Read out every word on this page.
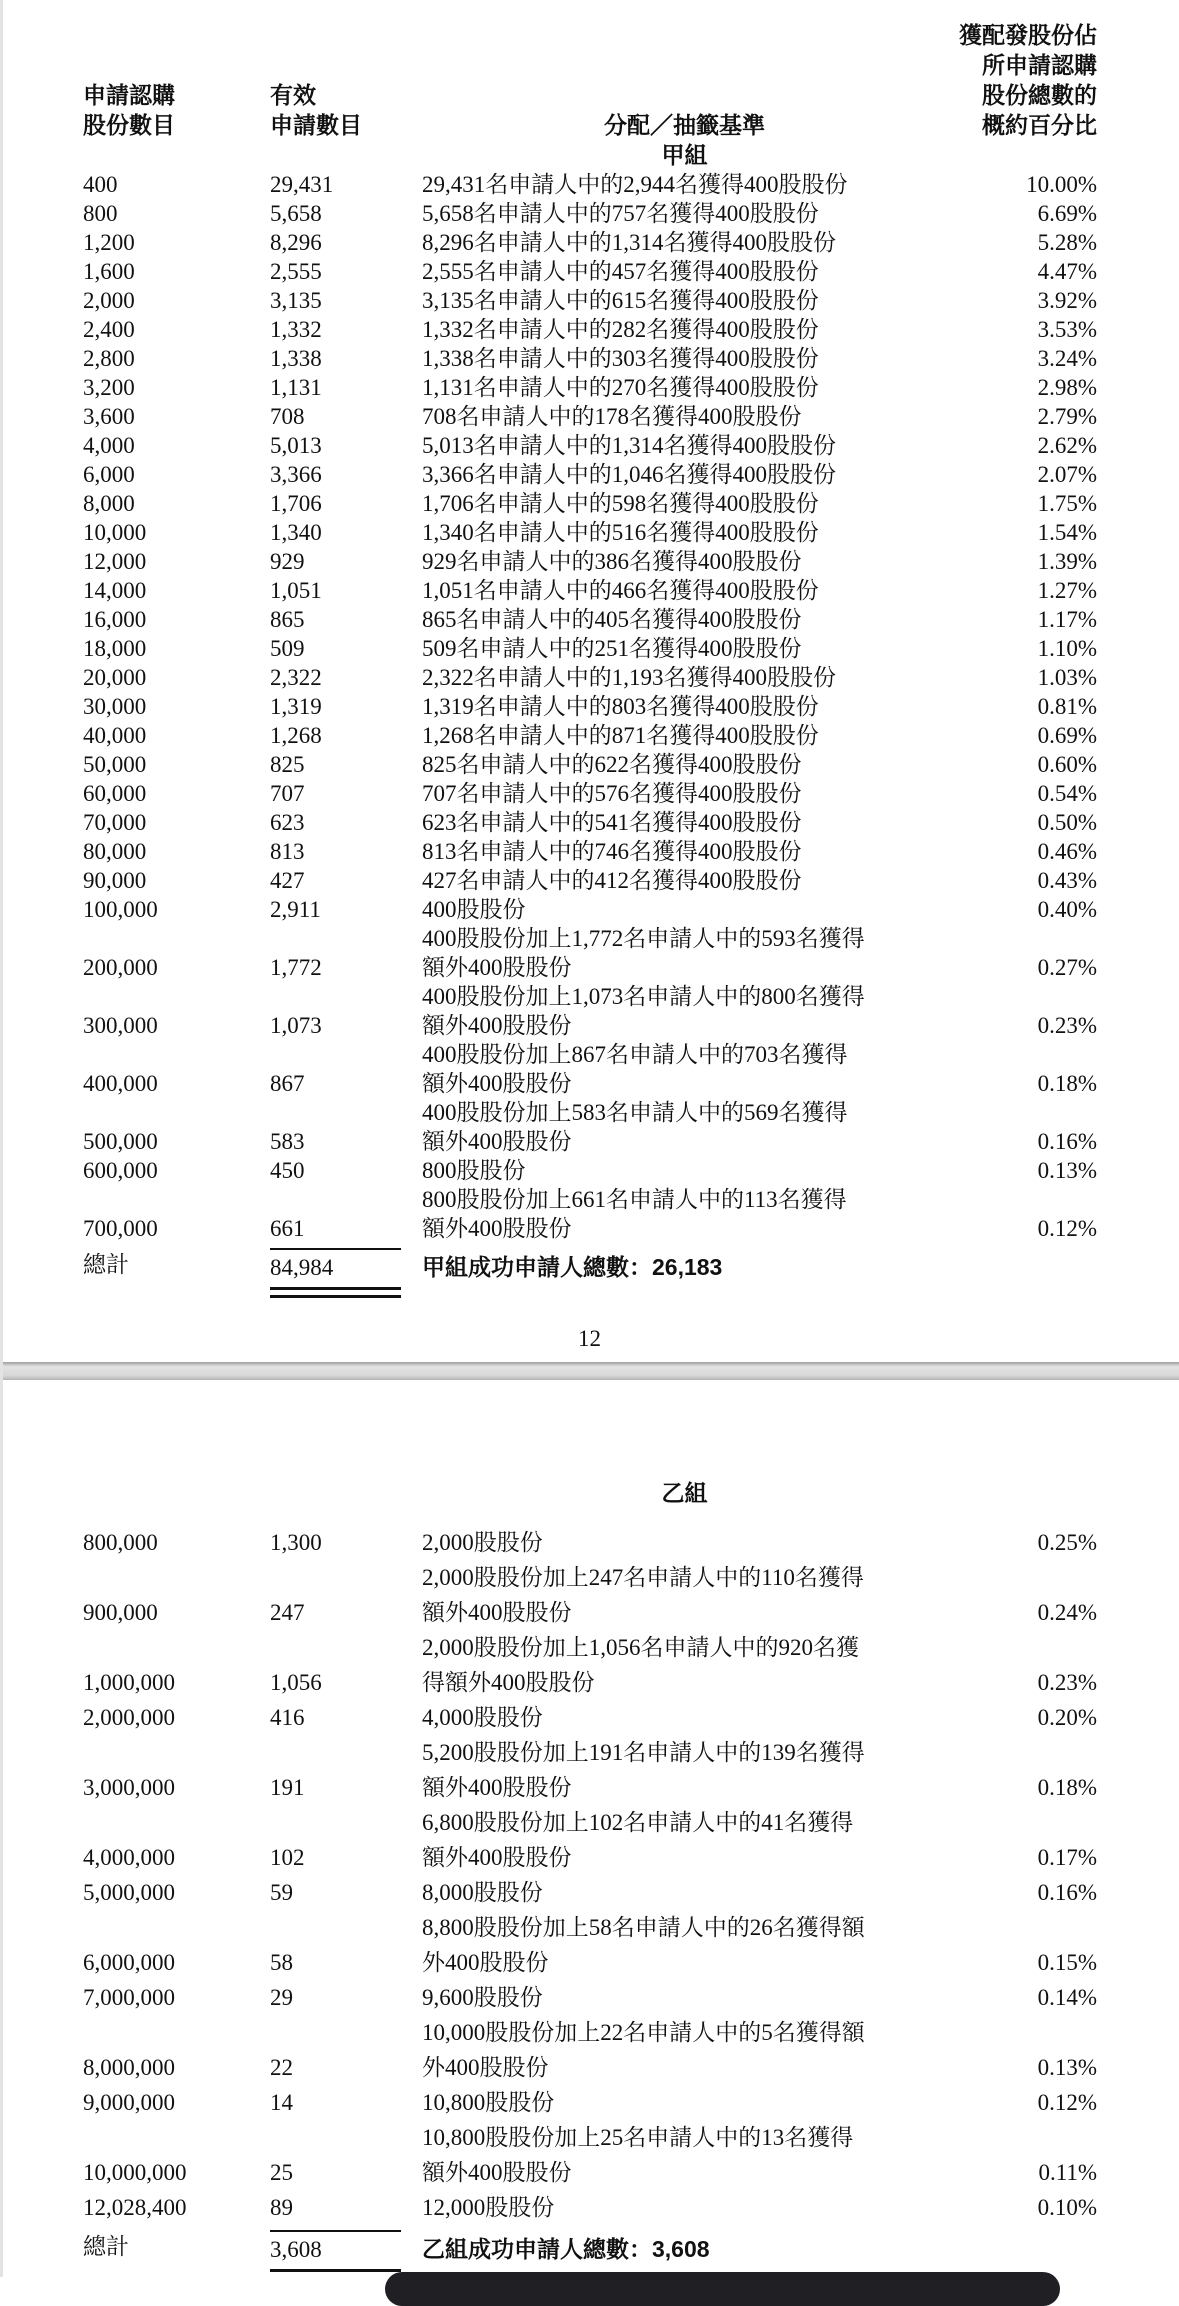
申請認購
股份數目
有效
申請數目	分配／抽籤基準
獲配發股份佔
所申請認購
股份總數的
概約百分比
甲組
400	29,431	29,431名申請人中的2,944名獲得400股股份	10.00%
800	5,658	5,658名申請人中的757名獲得400股股份	6.69%
1,200	8,296	8,296名申請人中的1,314名獲得400股股份	5.28%
1,600	2,555	2,555名申請人中的457名獲得400股股份	4.47%
2,000	3,135	3,135名申請人中的615名獲得400股股份	3.92%
2,400	1,332	1,332名申請人中的282名獲得400股股份	3.53%
2,800	1,338	1,338名申請人中的303名獲得400股股份	3.24%
3,200	1,131	1,131名申請人中的270名獲得400股股份	2.98%
3,600	708	708名申請人中的178名獲得400股股份	2.79%
4,000	5,013	5,013名申請人中的1,314名獲得400股股份	2.62%
6,000	3,366	3,366名申請人中的1,046名獲得400股股份	2.07%
8,000	1,706	1,706名申請人中的598名獲得400股股份	1.75%
10,000	1,340	1,340名申請人中的516名獲得400股股份	1.54%
12,000	929	929名申請人中的386名獲得400股股份	1.39%
14,000	1,051	1,051名申請人中的466名獲得400股股份	1.27%
16,000	865	865名申請人中的405名獲得400股股份	1.17%
18,000	509	509名申請人中的251名獲得400股股份	1.10%
20,000	2,322	2,322名申請人中的1,193名獲得400股股份	1.03%
30,000	1,319	1,319名申請人中的803名獲得400股股份	0.81%
40,000	1,268	1,268名申請人中的871名獲得400股股份	0.69%
50,000	825	825名申請人中的622名獲得400股股份	0.60%
60,000	707	707名申請人中的576名獲得400股股份	0.54%
70,000	623	623名申請人中的541名獲得400股股份	0.50%
80,000	813	813名申請人中的746名獲得400股股份	0.46%
90,000	427	427名申請人中的412名獲得400股股份	0.43%
100,000	2,911	400股股份	0.40%
200,000	1,772
400股股份加上1,772名申請人中的593名獲得
額外400股股份	0.27%
300,000	1,073
400股股份加上1,073名申請人中的800名獲得
額外400股股份	0.23%
400,000	867
400股股份加上867名申請人中的703名獲得
額外400股股份	0.18%
500,000	583
400股股份加上583名申請人中的569名獲得
額外400股股份	0.16%
600,000	450	800股股份	0.13%
700,000	661
800股股份加上661名申請人中的113名獲得
額外400股股份	0.12%
總計	84,984	甲組成功申請人總數：26,183
12
乙組
800,000	1,300	2,000股股份	0.25%
900,000	247
2,000股股份加上247名申請人中的110名獲得
額外400股股份	0.24%
1,000,000	1,056
2,000股股份加上1,056名申請人中的920名獲
得額外400股股份	0.23%
2,000,000	416	4,000股股份	0.20%
3,000,000	191
5,200股股份加上191名申請人中的139名獲得
額外400股股份	0.18%
4,000,000	102
6,800股股份加上102名申請人中的41名獲得
額外400股股份	0.17%
5,000,000	59	8,000股股份	0.16%
6,000,000	58
8,800股股份加上58名申請人中的26名獲得額
外400股股份	0.15%
7,000,000	29	9,600股股份	0.14%
8,000,000	22
10,000股股份加上22名申請人中的5名獲得額
外400股股份	0.13%
9,000,000	14	10,800股股份	0.12%
10,000,000	25
10,800股股份加上25名申請人中的13名獲得
額外400股股份	0.11%
12,028,400	89	12,000股股份	0.10%
總計	3,608	乙組成功申請人總數：3,608
